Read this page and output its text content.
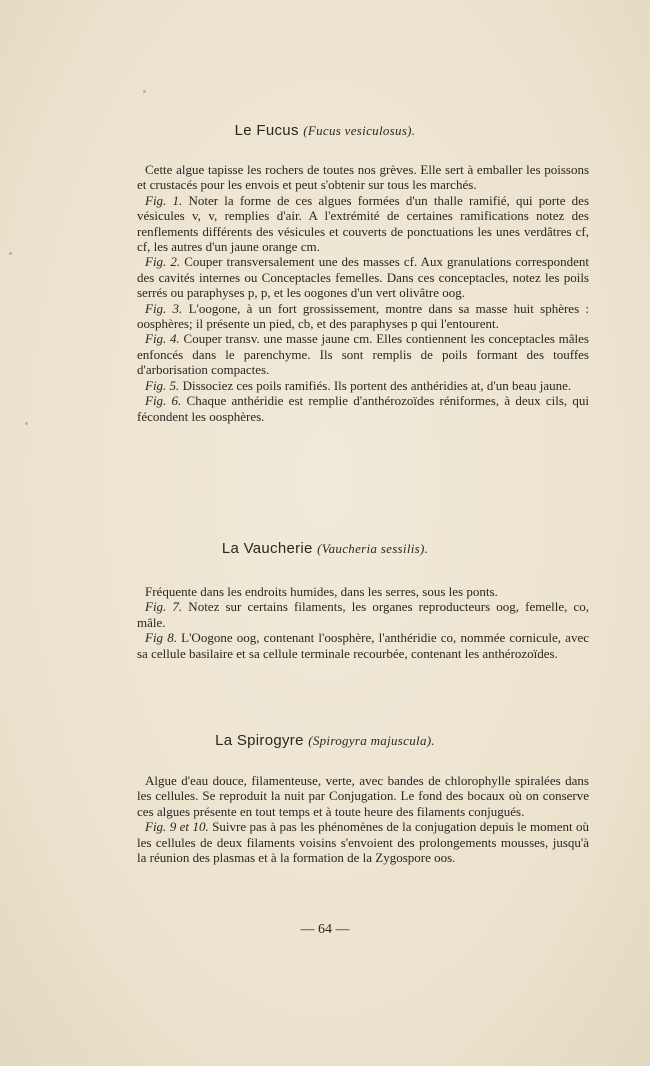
Le Fucus (Fucus vesiculosus).

Cette algue tapisse les rochers de toutes nos grèves. Elle sert à emballer les poissons et crustacés pour les envois et peut s'obtenir sur tous les marchés.

Fig. 1. Noter la forme de ces algues formées d'un thalle ramifié, qui porte des vésicules v, v, remplies d'air. A l'extrémité de certaines ramifications notez des renflements différents des vésicules et couverts de ponctuations les unes verdâtres cf, cf, les autres d'un jaune orange cm.

Fig. 2. Couper transversalement une des masses cf. Aux granulations correspondent des cavités internes ou Conceptacles femelles. Dans ces conceptacles, notez les poils serrés ou paraphyses p, p, et les oogones d'un vert olivâtre oog.

Fig. 3. L'oogone, à un fort grossissement, montre dans sa masse huit sphères : oosphères; il présente un pied, cb, et des paraphyses p qui l'entourent.

Fig. 4. Couper transv. une masse jaune cm. Elles contiennent les conceptacles mâles enfoncés dans le parenchyme. Ils sont remplis de poils formant des touffes d'arborisation compactes.

Fig. 5. Dissociez ces poils ramifiés. Ils portent des anthéridies at, d'un beau jaune.

Fig. 6. Chaque anthéridie est remplie d'anthérozoïdes réniformes, à deux cils, qui fécondent les oosphères.

La Vaucherie (Vaucheria sessilis).

Fréquente dans les endroits humides, dans les serres, sous les ponts.

Fig. 7. Notez sur certains filaments, les organes reproducteurs oog, femelle, co, mâle.

Fig 8. L'Oogone oog, contenant l'oosphère, l'anthéridie co, nommée cornicule, avec sa cellule basilaire et sa cellule terminale recourbée, contenant les anthérozoïdes.

La Spirogyre (Spirogyra majuscula).

Algue d'eau douce, filamenteuse, verte, avec bandes de chlorophylle spiralées dans les cellules. Se reproduit la nuit par Conjugation. Le fond des bocaux où on conserve ces algues présente en tout temps et à toute heure des filaments conjugués.

Fig. 9 et 10. Suivre pas à pas les phénomènes de la conjugation depuis le moment où les cellules de deux filaments voisins s'envoient des prolongements mousses, jusqu'à la réunion des plasmas et à la formation de la Zygospore oos.

— 64 —
